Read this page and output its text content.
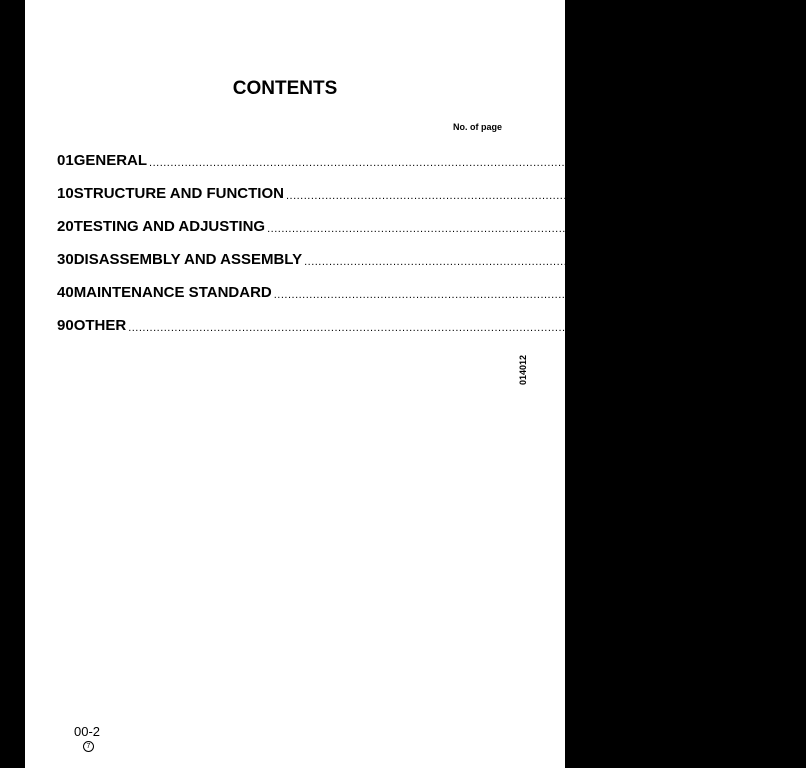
CONTENTS
No. of page
01 GENERAL ........................................................................................................................................ 01-1
10 STRUCTURE AND FUNCTION ........................................................................................................................................ 10-1
20 TESTING AND ADJUSTING ........................................................................................................................................ 20-1
30 DISASSEMBLY AND ASSEMBLY ........................................................................................................................................ 30-1
40 MAINTENANCE STANDARD ........................................................................................................................................ 40-1
90 OTHER ........................................................................................................................................ 90-1
014012
00-2
7
